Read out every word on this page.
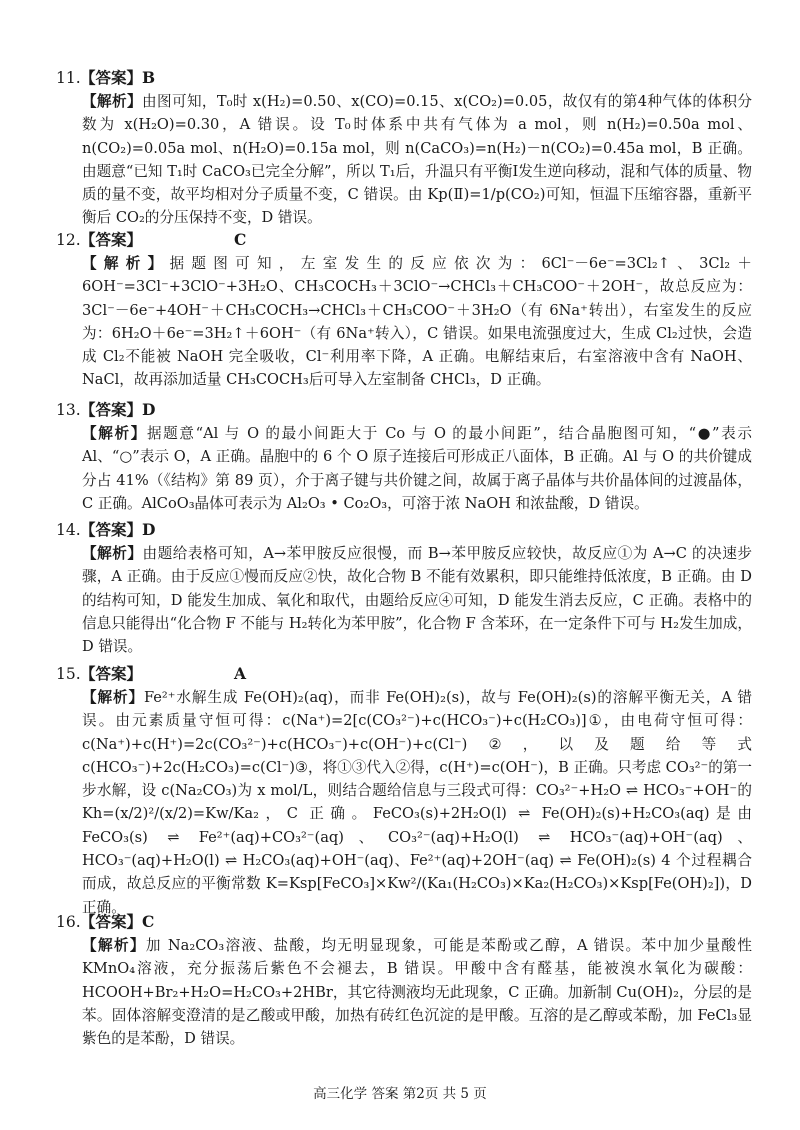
11.【答案】B
【解析】由图可知，T₀时 x(H₂)=0.50、x(CO)=0.15、x(CO₂)=0.05，故仅有的第4种气体的体积分数为 x(H₂O)=0.30，A 错误。设 T₀时体系中共有气体为 a mol，则 n(H₂)=0.50a mol、n(CO₂)=0.05a mol、n(H₂O)=0.15a mol，则 n(CaCO₃)=n(H₂)－n(CO₂)=0.45a mol，B 正确。由题意“已知 T₁时 CaCO₃已完全分解”，所以 T₁后，升温只有平衡Ⅰ发生逆向移动，混和气体的质量、物质的量不变，故平均相对分子质量不变，C 错误。由 Kp(Ⅱ)=1/p(CO₂)可知，恒温下压缩容器，重新平衡后 CO₂的分压保持不变，D 错误。
12.【答案】	C
【解析】据题图可知，左室发生的反应依次为：6Cl⁻－6e⁻=3Cl₂↑、3Cl₂＋6OH⁻=3Cl⁻+3ClO⁻+3H₂O、CH₃COCH₃＋3ClO⁻→CHCl₃＋CH₃COO⁻＋2OH⁻，故总反应为：3Cl⁻－6e⁻+4OH⁻＋CH₃COCH₃→CHCl₃＋CH₃COO⁻＋3H₂O（有 6Na⁺转出），右室发生的反应为：6H₂O＋6e⁻=3H₂↑＋6OH⁻（有 6Na⁺转入），C 错误。如果电流强度过大，生成 Cl₂过快，会造成 Cl₂不能被 NaOH 完全吸收，Cl⁻利用率下降，A 正确。电解结束后，右室溶液中含有 NaOH、NaCl，故再添加适量 CH₃COCH₃后可导入左室制备 CHCl₃，D 正确。
13.【答案】D
【解析】据题意“Al 与 O 的最小间距大于 Co 与 O 的最小间距”，结合晶胞图可知，“●”表示 Al、“○”表示 O，A 正确。晶胞中的 6 个 O 原子连接后可形成正八面体，B 正确。Al 与 O 的共价键成分占 41%（《结构》第 89 页），介于离子键与共价键之间，故属于离子晶体与共价晶体间的过渡晶体，C 正确。AlCoO₃晶体可表示为 Al₂O₃ • Co₂O₃，可溶于浓 NaOH 和浓盐酸，D 错误。
14.【答案】D
【解析】由题给表格可知，A→苯甲胺反应很慢，而 B→苯甲胺反应较快，故反应①为 A→C 的决速步骤，A 正确。由于反应①慢而反应②快，故化合物 B 不能有效累积，即只能维持低浓度，B 正确。由 D 的结构可知，D 能发生加成、氧化和取代，由题给反应④可知，D 能发生消去反应，C 正确。表格中的信息只能得出“化合物 F 不能与 H₂转化为苯甲胺”，化合物 F 含苯环，在一定条件下可与 H₂发生加成，D 错误。
15.【答案】	A
【解析】Fe²⁺水解生成 Fe(OH)₂(aq)，而非 Fe(OH)₂(s)，故与 Fe(OH)₂(s)的溶解平衡无关，A 错误。由元素质量守恒可得：c(Na⁺)=2[c(CO₃²⁻)+c(HCO₃⁻)+c(H₂CO₃)]①，由电荷守恒可得：c(Na⁺)+c(H⁺)=2c(CO₃²⁻)+c(HCO₃⁻)+c(OH⁻)+c(Cl⁻)②，以及题给等式 c(HCO₃⁻)+2c(H₂CO₃)=c(Cl⁻)③，将①③代入②得，c(H⁺)=c(OH⁻)，B 正确。只考虑 CO₃²⁻的第一步水解，设 c(Na₂CO₃)为 x mol/L，则结合题给信息与三段式可得：CO₃²⁻+H₂O ⇌ HCO₃⁻+OH⁻的 Kh=(x/2)²/(x/2)=Kw/Ka₂，C 正确。FeCO₃(s)+2H₂O(l) ⇌ Fe(OH)₂(s)+H₂CO₃(aq)是由 FeCO₃(s) ⇌ Fe²⁺(aq)+CO₃²⁻(aq)、CO₃²⁻(aq)+H₂O(l) ⇌ HCO₃⁻(aq)+OH⁻(aq)、HCO₃⁻(aq)+H₂O(l) ⇌ H₂CO₃(aq)+OH⁻(aq)、Fe²⁺(aq)+2OH⁻(aq) ⇌ Fe(OH)₂(s) 4 个过程耦合而成，故总反应的平衡常数 K=Ksp[FeCO₃]×Kw²/(Ka₁(H₂CO₃)×Ka₂(H₂CO₃)×Ksp[Fe(OH)₂])，D 正确。
16.【答案】C
【解析】加 Na₂CO₃溶液、盐酸，均无明显现象，可能是苯酚或乙醇，A 错误。苯中加少量酸性 KMnO₄溶液，充分振荡后紫色不会褪去，B 错误。甲酸中含有醛基，能被溴水氧化为碳酸：HCOOH+Br₂+H₂O=H₂CO₃+2HBr，其它待测液均无此现象，C 正确。加新制 Cu(OH)₂，分层的是苯。固体溶解变澄清的是乙酸或甲酸，加热有砖红色沉淀的是甲酸。互溶的是乙醇或苯酚，加 FeCl₃显紫色的是苯酚，D 错误。
高三化学 答案 第2页 共 5 页
